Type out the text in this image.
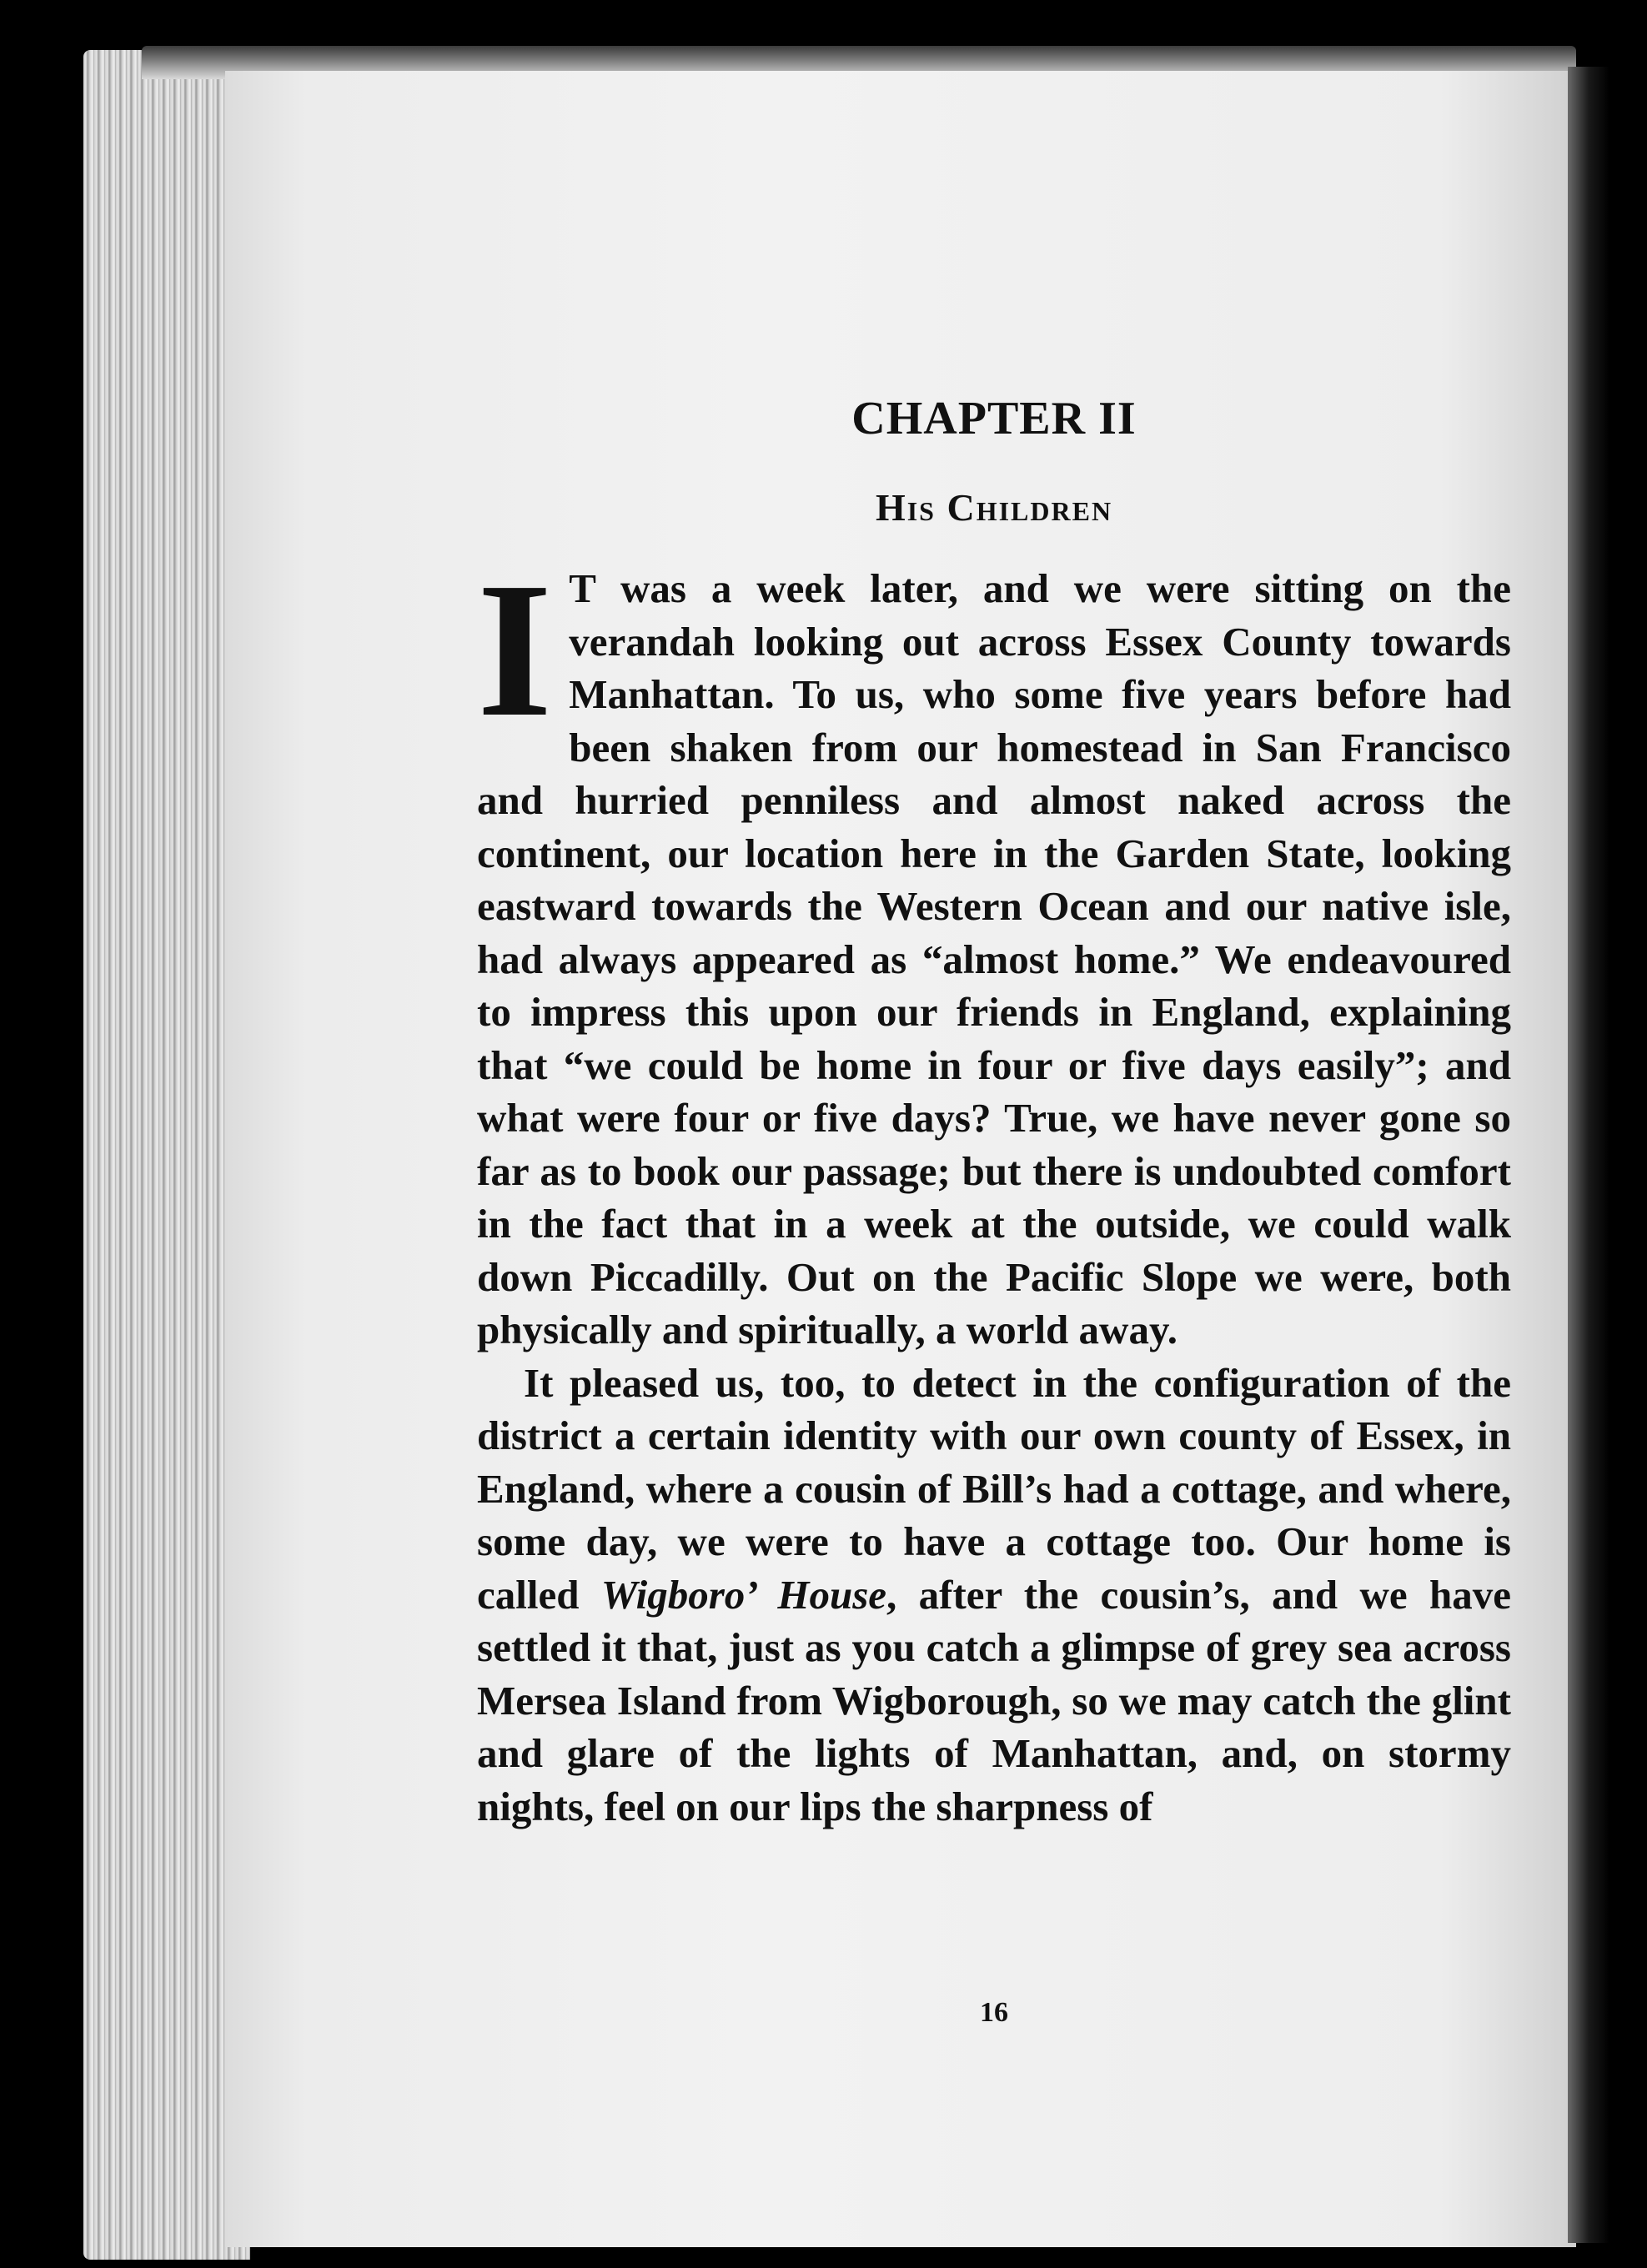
CHAPTER II
His Children

I T was a week later, and we were sitting on the verandah looking out across Essex County towards Manhattan. To us, who some five years before had been shaken from our homestead in San Francisco and hurried penniless and almost naked across the continent, our location here in the Garden State, looking eastward towards the Western Ocean and our native isle, had always appeared as “almost home.” We endeavoured to impress this upon our friends in England, explaining that “we could be home in four or five days easily”; and what were four or five days? True, we have never gone so far as to book our passage; but there is undoubted comfort in the fact that in a week at the outside, we could walk down Piccadilly. Out on the Pacific Slope we were, both physically and spiritually, a world away.

It pleased us, too, to detect in the configuration of the district a certain identity with our own county of Essex, in England, where a cousin of Bill’s had a cottage, and where, some day, we were to have a cottage too. Our home is called Wigboro’ House, after the cousin’s, and we have settled it that, just as you catch a glimpse of grey sea across Mersea Island from Wigborough, so we may catch the glint and glare of the lights of Manhattan, and, on stormy nights, feel on our lips the sharpness of

16
